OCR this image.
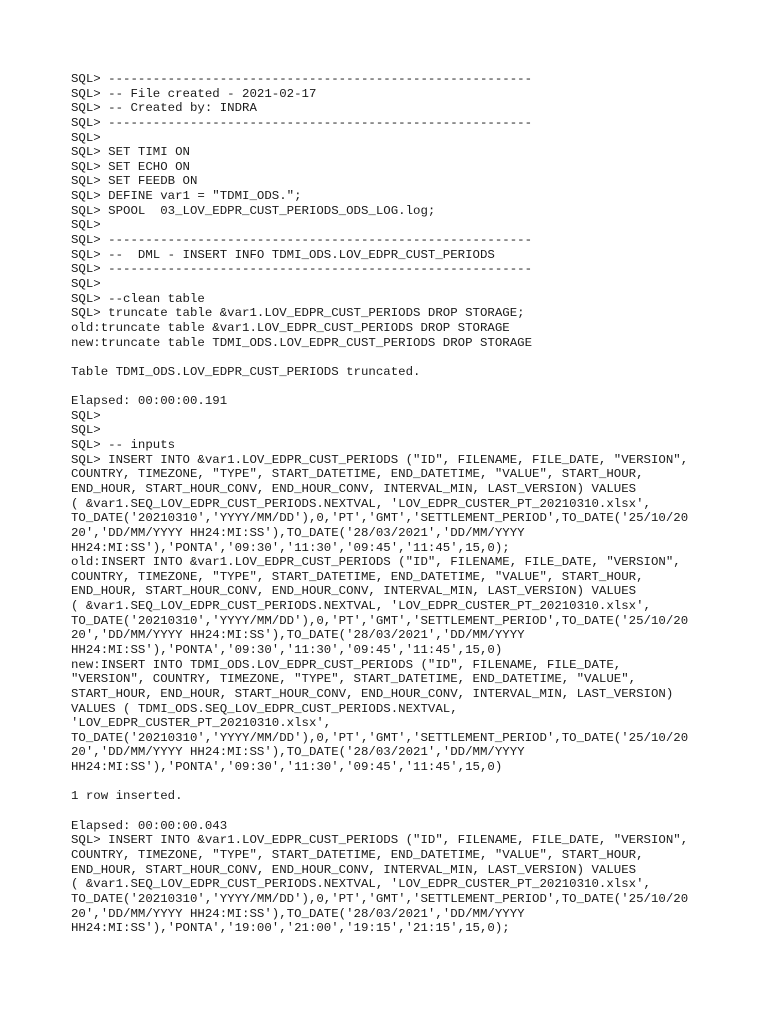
SQL> ---------------------------------------------------------
SQL> -- File created - 2021-02-17
SQL> -- Created by: INDRA
SQL> ---------------------------------------------------------
SQL>
SQL> SET TIMI ON
SQL> SET ECHO ON
SQL> SET FEEDB ON
SQL> DEFINE var1 = "TDMI_ODS.";
SQL> SPOOL  03_LOV_EDPR_CUST_PERIODS_ODS_LOG.log;
SQL>
SQL> ---------------------------------------------------------
SQL> --  DML - INSERT INFO TDMI_ODS.LOV_EDPR_CUST_PERIODS
SQL> ---------------------------------------------------------
SQL>
SQL> --clean table
SQL> truncate table &var1.LOV_EDPR_CUST_PERIODS DROP STORAGE;
old:truncate table &var1.LOV_EDPR_CUST_PERIODS DROP STORAGE
new:truncate table TDMI_ODS.LOV_EDPR_CUST_PERIODS DROP STORAGE
Table TDMI_ODS.LOV_EDPR_CUST_PERIODS truncated.
Elapsed: 00:00:00.191
SQL>
SQL>
SQL> -- inputs
SQL> INSERT INTO &var1.LOV_EDPR_CUST_PERIODS ("ID", FILENAME, FILE_DATE, "VERSION",
COUNTRY, TIMEZONE, "TYPE", START_DATETIME, END_DATETIME, "VALUE", START_HOUR,
END_HOUR, START_HOUR_CONV, END_HOUR_CONV, INTERVAL_MIN, LAST_VERSION) VALUES
( &var1.SEQ_LOV_EDPR_CUST_PERIODS.NEXTVAL, 'LOV_EDPR_CUSTER_PT_20210310.xlsx',
TO_DATE('20210310','YYYY/MM/DD'),0,'PT','GMT','SETTLEMENT_PERIOD',TO_DATE('25/10/20
20','DD/MM/YYYY HH24:MI:SS'),TO_DATE('28/03/2021','DD/MM/YYYY
HH24:MI:SS'),'PONTA','09:30','11:30','09:45','11:45',15,0);
old:INSERT INTO &var1.LOV_EDPR_CUST_PERIODS ("ID", FILENAME, FILE_DATE, "VERSION",
COUNTRY, TIMEZONE, "TYPE", START_DATETIME, END_DATETIME, "VALUE", START_HOUR,
END_HOUR, START_HOUR_CONV, END_HOUR_CONV, INTERVAL_MIN, LAST_VERSION) VALUES
( &var1.SEQ_LOV_EDPR_CUST_PERIODS.NEXTVAL, 'LOV_EDPR_CUSTER_PT_20210310.xlsx',
TO_DATE('20210310','YYYY/MM/DD'),0,'PT','GMT','SETTLEMENT_PERIOD',TO_DATE('25/10/20
20','DD/MM/YYYY HH24:MI:SS'),TO_DATE('28/03/2021','DD/MM/YYYY
HH24:MI:SS'),'PONTA','09:30','11:30','09:45','11:45',15,0)
new:INSERT INTO TDMI_ODS.LOV_EDPR_CUST_PERIODS ("ID", FILENAME, FILE_DATE,
"VERSION", COUNTRY, TIMEZONE, "TYPE", START_DATETIME, END_DATETIME, "VALUE",
START_HOUR, END_HOUR, START_HOUR_CONV, END_HOUR_CONV, INTERVAL_MIN, LAST_VERSION)
VALUES ( TDMI_ODS.SEQ_LOV_EDPR_CUST_PERIODS.NEXTVAL,
'LOV_EDPR_CUSTER_PT_20210310.xlsx',
TO_DATE('20210310','YYYY/MM/DD'),0,'PT','GMT','SETTLEMENT_PERIOD',TO_DATE('25/10/20
20','DD/MM/YYYY HH24:MI:SS'),TO_DATE('28/03/2021','DD/MM/YYYY
HH24:MI:SS'),'PONTA','09:30','11:30','09:45','11:45',15,0)
1 row inserted.
Elapsed: 00:00:00.043
SQL> INSERT INTO &var1.LOV_EDPR_CUST_PERIODS ("ID", FILENAME, FILE_DATE, "VERSION",
COUNTRY, TIMEZONE, "TYPE", START_DATETIME, END_DATETIME, "VALUE", START_HOUR,
END_HOUR, START_HOUR_CONV, END_HOUR_CONV, INTERVAL_MIN, LAST_VERSION) VALUES
( &var1.SEQ_LOV_EDPR_CUST_PERIODS.NEXTVAL, 'LOV_EDPR_CUSTER_PT_20210310.xlsx',
TO_DATE('20210310','YYYY/MM/DD'),0,'PT','GMT','SETTLEMENT_PERIOD',TO_DATE('25/10/20
20','DD/MM/YYYY HH24:MI:SS'),TO_DATE('28/03/2021','DD/MM/YYYY
HH24:MI:SS'),'PONTA','19:00','21:00','19:15','21:15',15,0);
